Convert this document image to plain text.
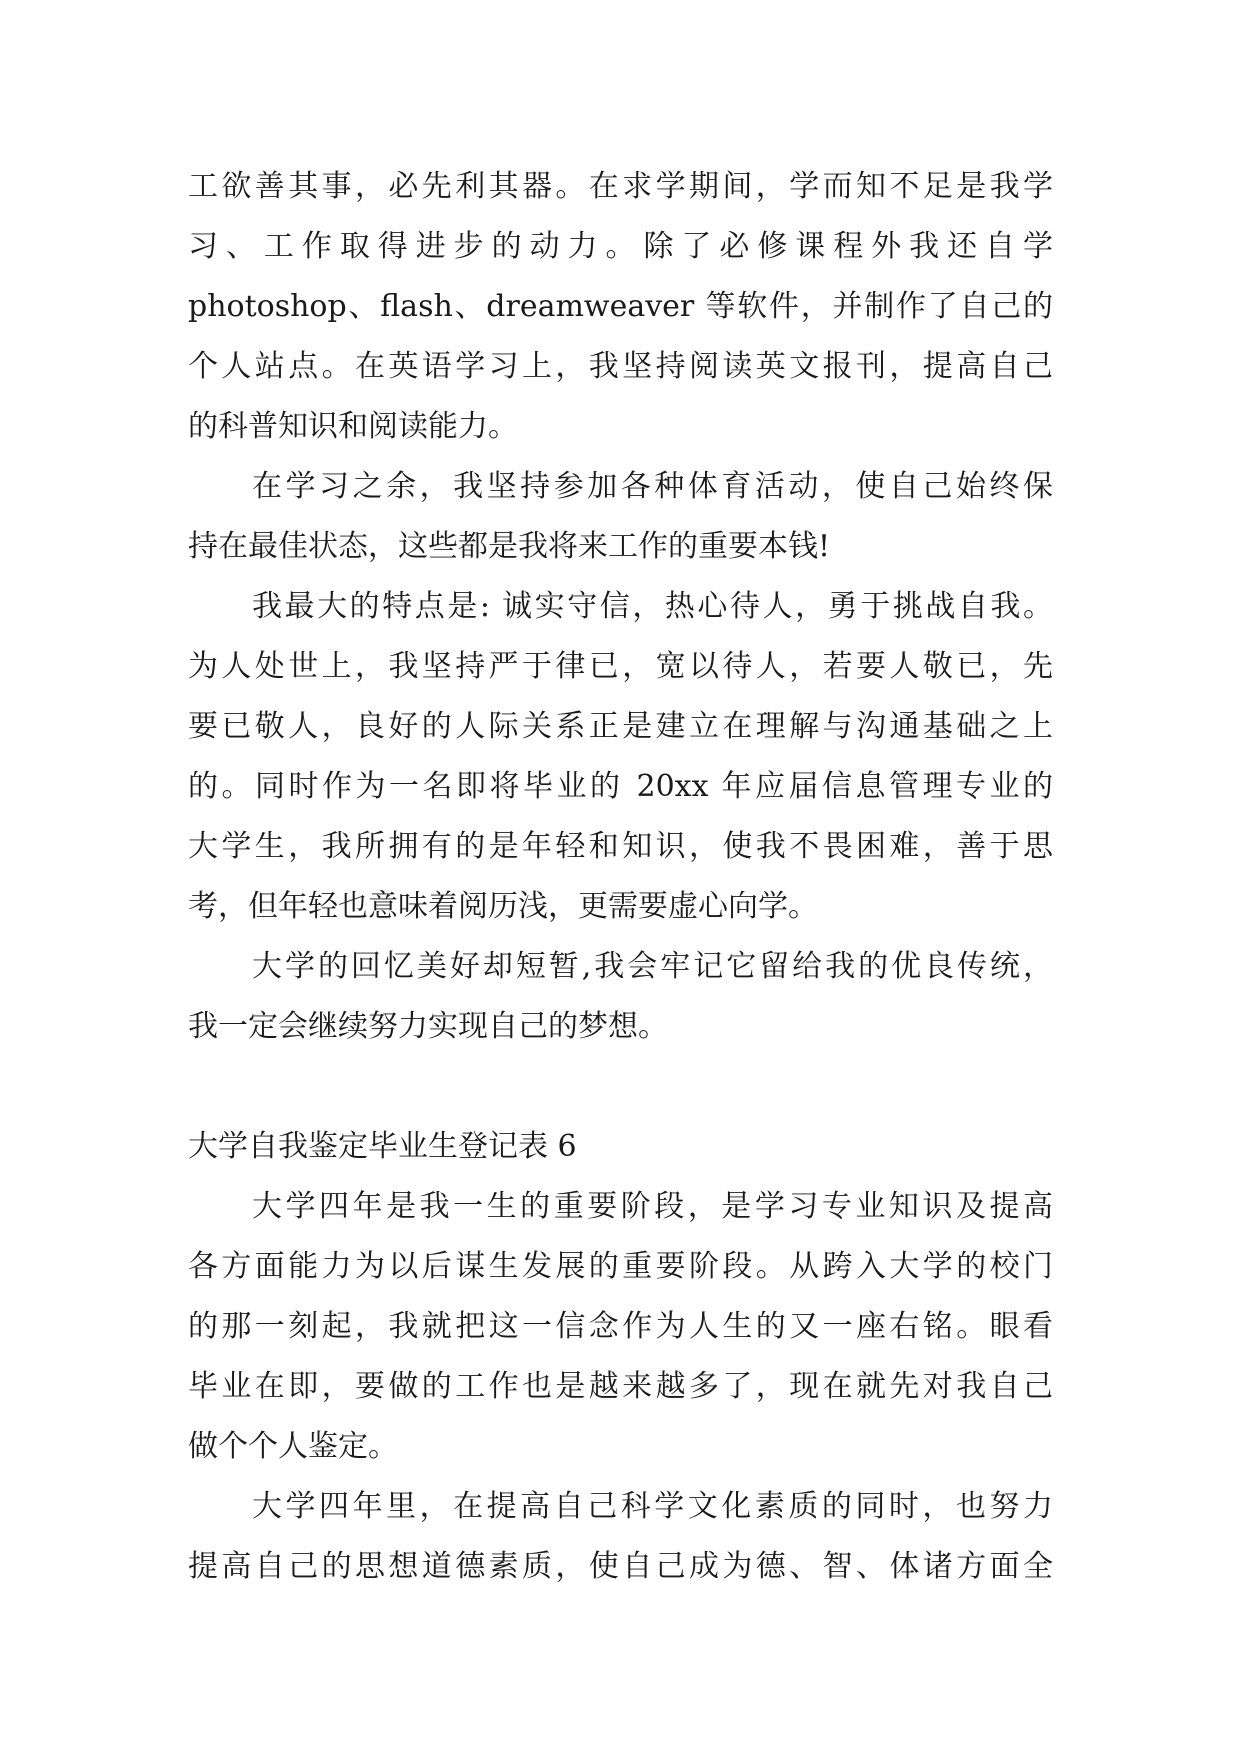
工欲善其事，必先利其器。在求学期间，学而知不足是我学
习、工作取得进步的动力。除了必修课程外我还自学
photoshop、flash、dreamweaver 等软件，并制作了自己的
个人站点。在英语学习上，我坚持阅读英文报刊，提高自己
的科普知识和阅读能力。
在学习之余，我坚持参加各种体育活动，使自己始终保
持在最佳状态，这些都是我将来工作的重要本钱!
我最大的特点是: 诚实守信，热心待人，勇于挑战自我。
为人处世上，我坚持严于律已，宽以待人，若要人敬已，先
要已敬人，良好的人际关系正是建立在理解与沟通基础之上
的。同时作为一名即将毕业的 20xx 年应届信息管理专业的
大学生，我所拥有的是年轻和知识，使我不畏困难，善于思
考，但年轻也意味着阅历浅，更需要虚心向学。
大学的回忆美好却短暂,我会牢记它留给我的优良传统，
我一定会继续努力实现自己的梦想。
大学自我鉴定毕业生登记表 6
大学四年是我一生的重要阶段，是学习专业知识及提高
各方面能力为以后谋生发展的重要阶段。从跨入大学的校门
的那一刻起，我就把这一信念作为人生的又一座右铭。眼看
毕业在即，要做的工作也是越来越多了，现在就先对我自己
做个个人鉴定。
大学四年里，在提高自己科学文化素质的同时，也努力
提高自己的思想道德素质，使自己成为德、智、体诸方面全
